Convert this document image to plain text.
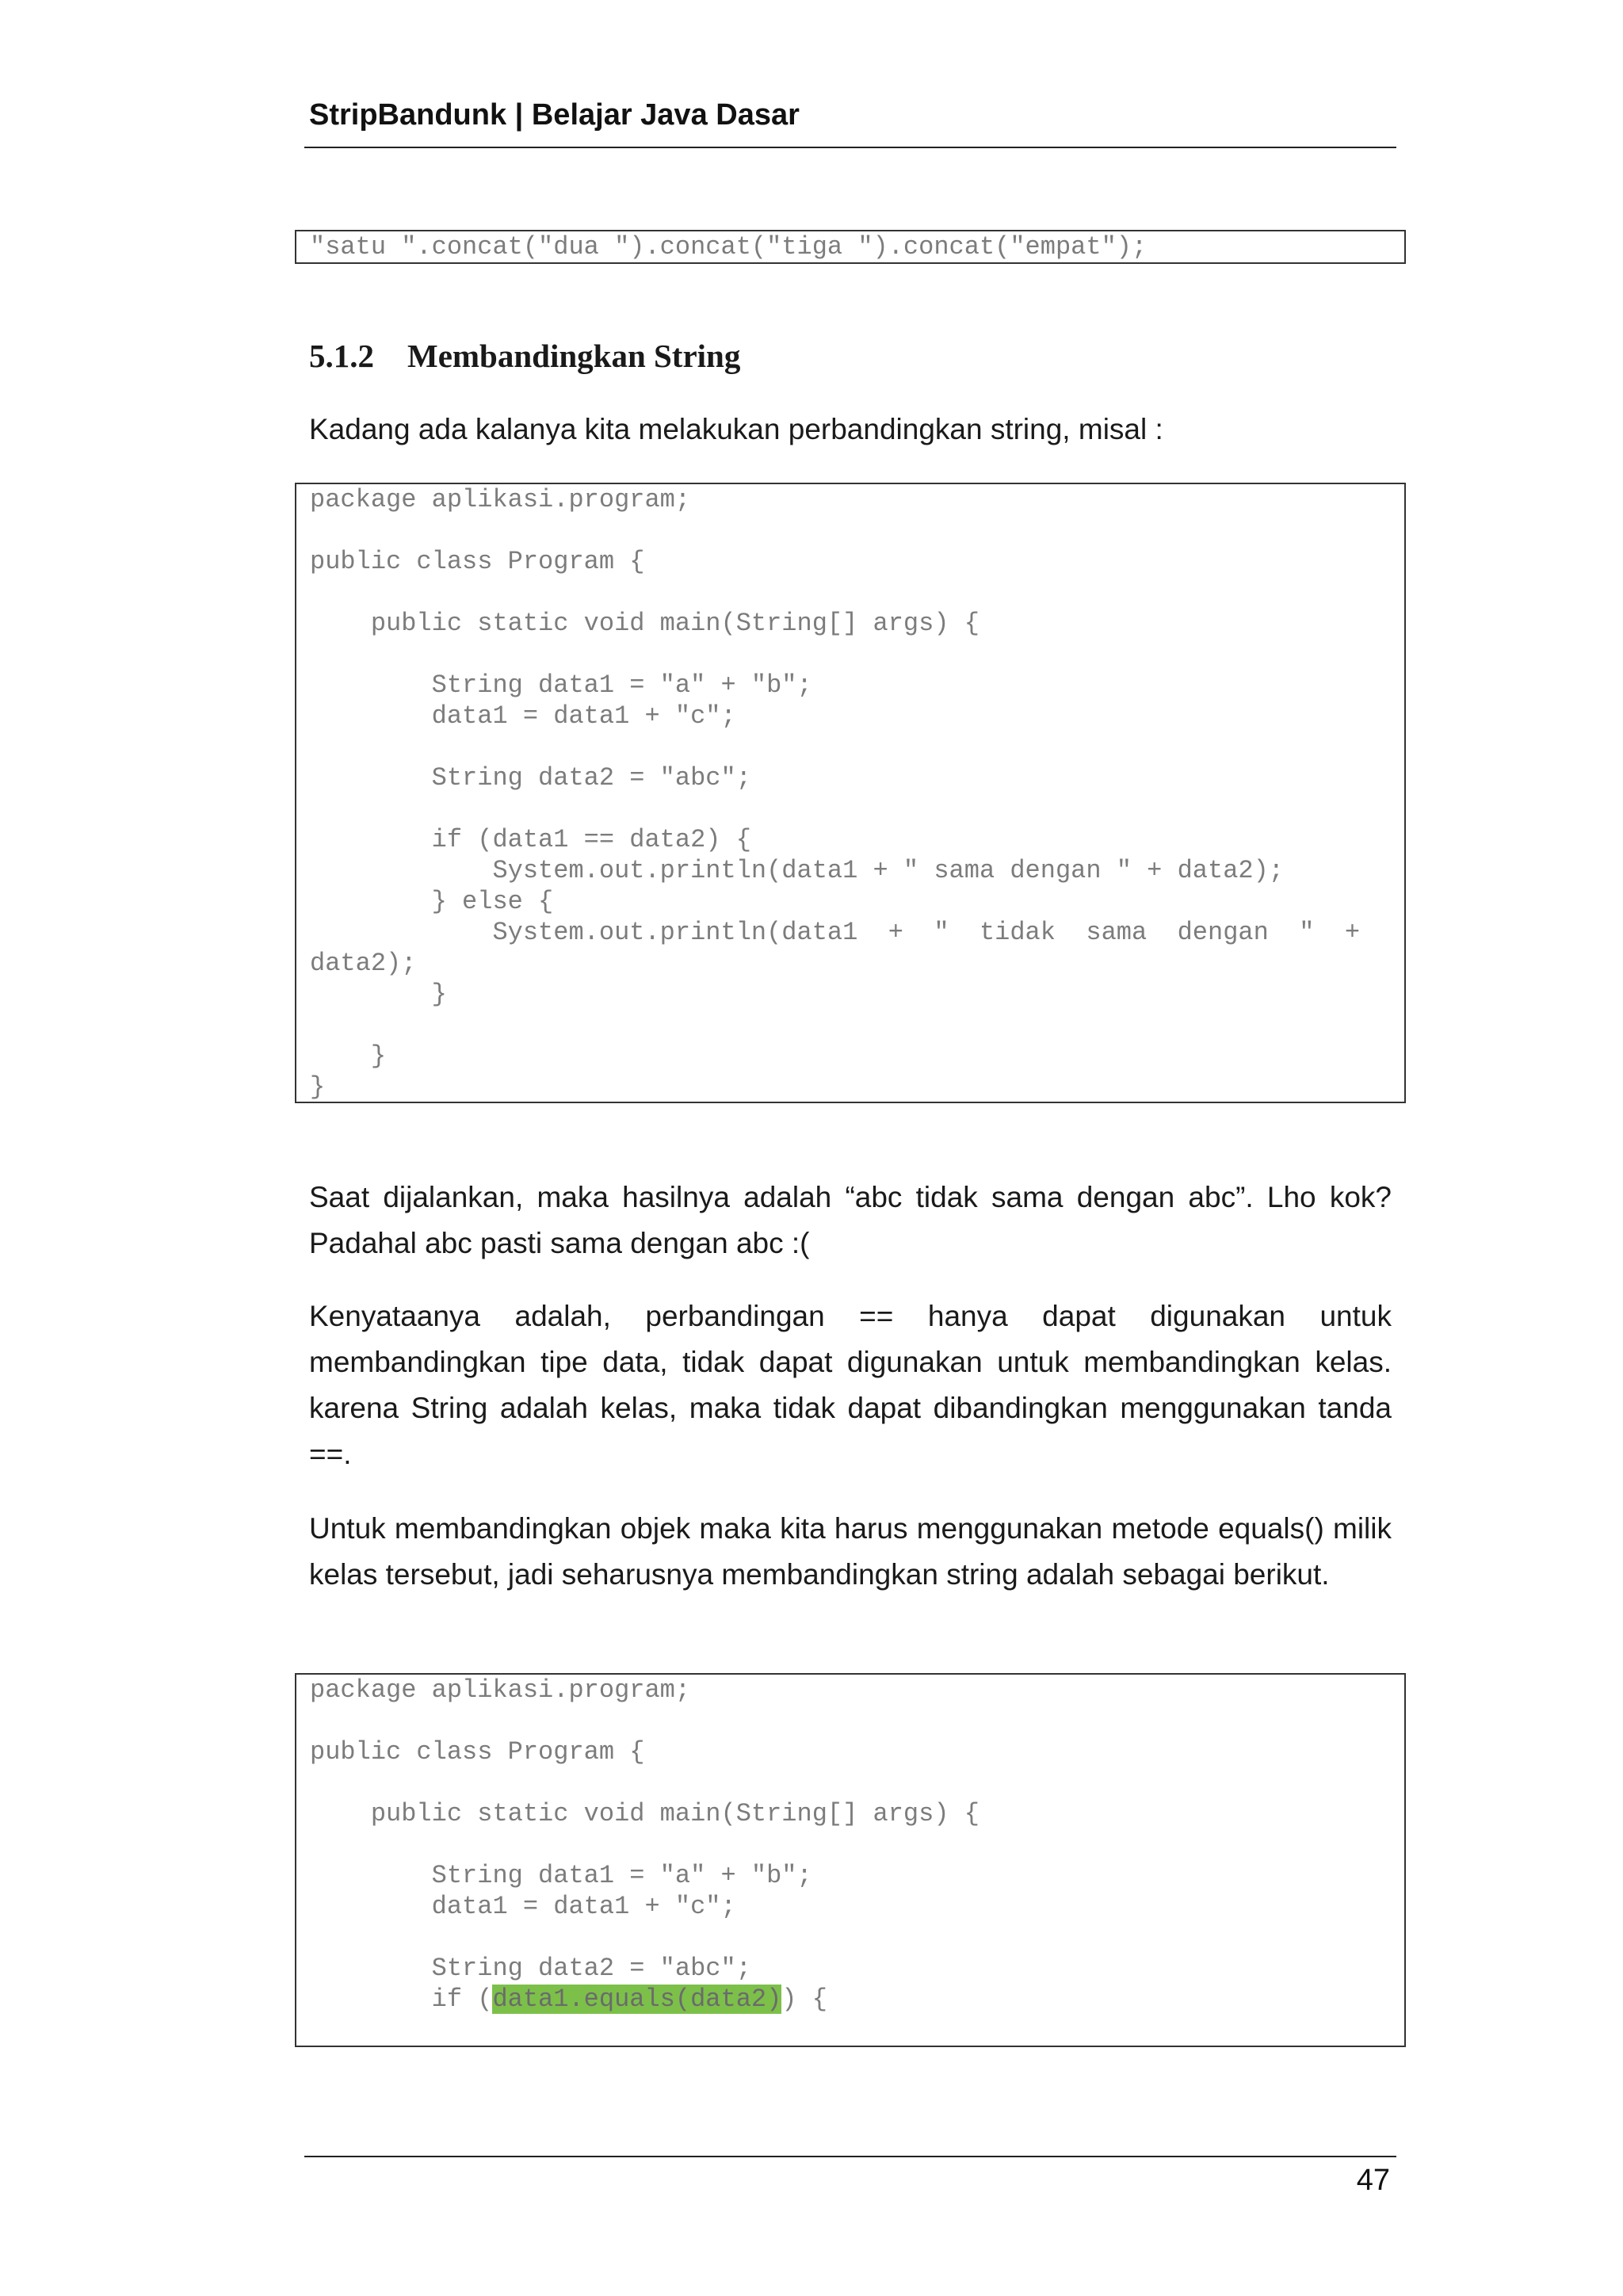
StripBandunk | Belajar Java Dasar
"satu ".concat("dua ").concat("tiga ").concat("empat");
5.1.2 Membandingkan String

Kadang ada kalanya kita melakukan perbandingkan string, misal :

package aplikasi.program;

public class Program {

public static void main(String[] args) {

String data1 = "a" + "b";
data1 = data1 + "c";

String data2 = "abc";

if (data1 == data2) {
System.out.println(data1 + " sama dengan " + data2);
} else {
System.out.println(data1  +  "  tidak  sama  dengan  "  +
data2);
}

}
}

Saat dijalankan, maka hasilnya adalah “abc tidak sama dengan abc”. Lho kok?Padahal abc pasti sama dengan abc :(

Kenyataanya adalah, perbandingan == hanya dapat digunakan untuk membandingkan tipe data, tidak dapat digunakan untuk membandingkan kelas. karena String adalah kelas, maka tidak dapat dibandingkan menggunakan tanda ==.

Untuk membandingkan objek maka kita harus menggunakan metode equals() milik kelas tersebut, jadi seharusnya membandingkan string adalah sebagai berikut.

package aplikasi.program;

public class Program {

public static void main(String[] args) {

String data1 = "a" + "b";
data1 = data1 + "c";

String data2 = "abc";
if (data1.equals(data2)) {
47
